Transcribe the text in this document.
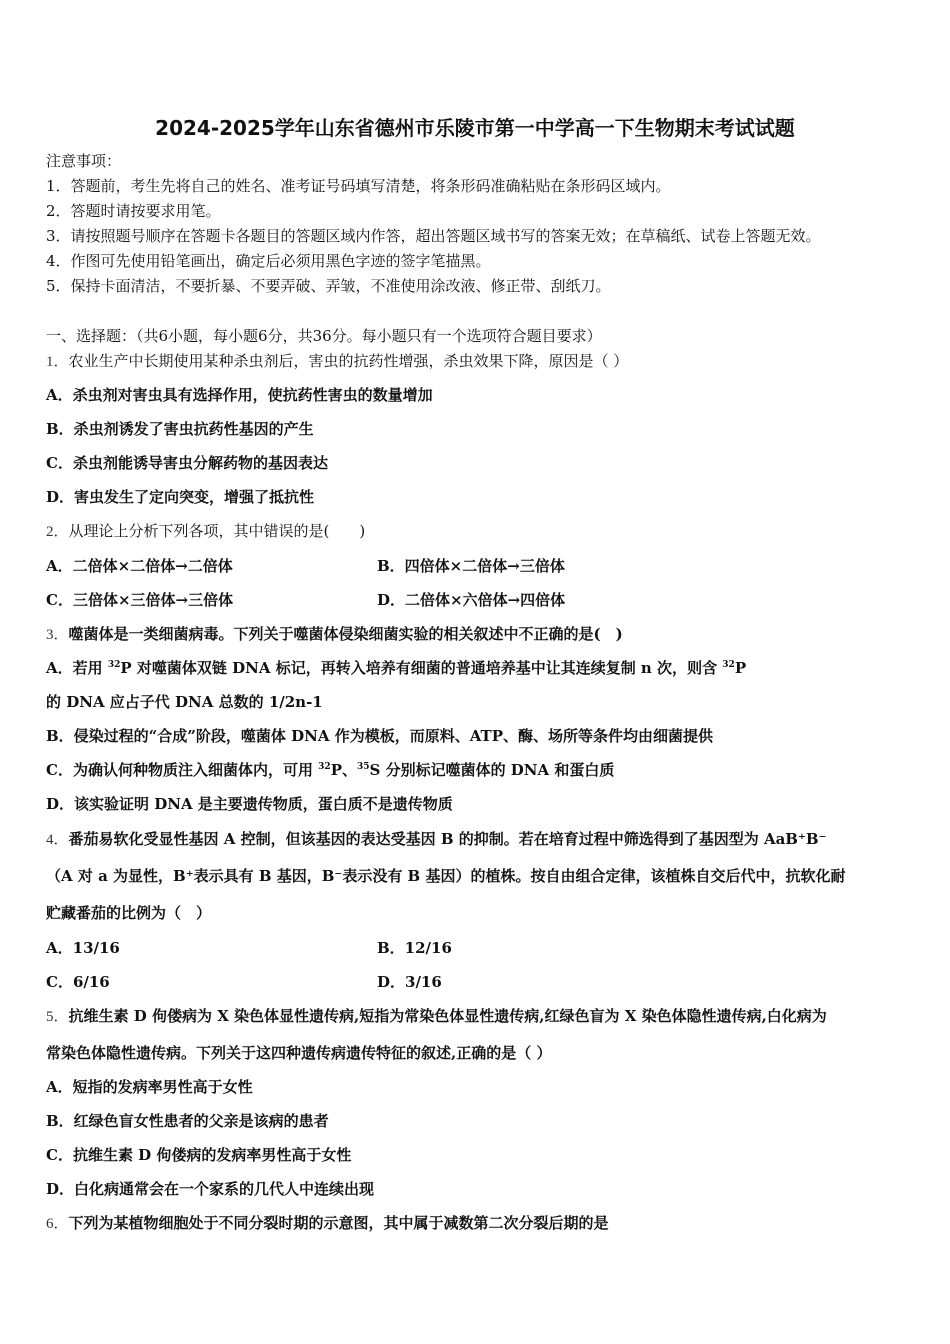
2024-2025学年山东省德州市乐陵市第一中学高一下生物期末考试试题
注意事项：
1．答题前，考生先将自己的姓名、准考证号码填写清楚，将条形码准确粘贴在条形码区域内。
2．答题时请按要求用笔。
3．请按照题号顺序在答题卡各题目的答题区域内作答，超出答题区域书写的答案无效；在草稿纸、试卷上答题无效。
4．作图可先使用铅笔画出，确定后必须用黑色字迹的签字笔描黑。
5．保持卡面清洁，不要折暴、不要弄破、弄皱，不准使用涂改液、修正带、刮纸刀。
一、选择题：（共6小题，每小题6分，共36分。每小题只有一个选项符合题目要求）
1．农业生产中长期使用某种杀虫剂后，害虫的抗药性增强，杀虫效果下降，原因是（ ）
A．杀虫剂对害虫具有选择作用，使抗药性害虫的数量增加
B．杀虫剂诱发了害虫抗药性基因的产生
C．杀虫剂能诱导害虫分解药物的基因表达
D．害虫发生了定向突变，增强了抵抗性
2．从理论上分析下列各项，其中错误的是(　　)
A．二倍体×二倍体→二倍体	B．四倍体×二倍体→三倍体
C．三倍体×三倍体→三倍体	D．二倍体×六倍体→四倍体
3．噬菌体是一类细菌病毒。下列关于噬菌体侵染细菌实验的相关叙述中不正确的是(　)
A．若用 $^{32}$P 对噬菌体双链 DNA 标记，再转入培养有细菌的普通培养基中让其连续复制 n 次，则含 $^{32}$P
的 DNA 应占子代 DNA 总数的 1/2n-1
B．侵染过程的“合成”阶段，噬菌体 DNA 作为模板，而原料、ATP、酶、场所等条件均由细菌提供
C．为确认何种物质注入细菌体内，可用 $^{32}$P、$^{35}$S 分别标记噬菌体的 DNA 和蛋白质
D．该实验证明 DNA 是主要遗传物质，蛋白质不是遗传物质
4．番茄易软化受显性基因 A 控制，但该基因的表达受基因 B 的抑制。若在培育过程中筛选得到了基因型为 AaB⁺B⁻
（A 对 a 为显性，B⁺表示具有 B 基因，B⁻表示没有 B 基因）的植株。按自由组合定律，该植株自交后代中，抗软化耐
贮藏番茄的比例为（　）
A．13/16	B．12/16
C．6/16	D．3/16
5．抗维生素 D 佝偻病为 X 染色体显性遗传病,短指为常染色体显性遗传病,红绿色盲为 X 染色体隐性遗传病,白化病为
常染色体隐性遗传病。下列关于这四种遗传病遗传特征的叙述,正确的是（ ）
A．短指的发病率男性高于女性
B．红绿色盲女性患者的父亲是该病的患者
C．抗维生素 D 佝偻病的发病率男性高于女性
D．白化病通常会在一个家系的几代人中连续出现
6．下列为某植物细胞处于不同分裂时期的示意图，其中属于减数第二次分裂后期的是
